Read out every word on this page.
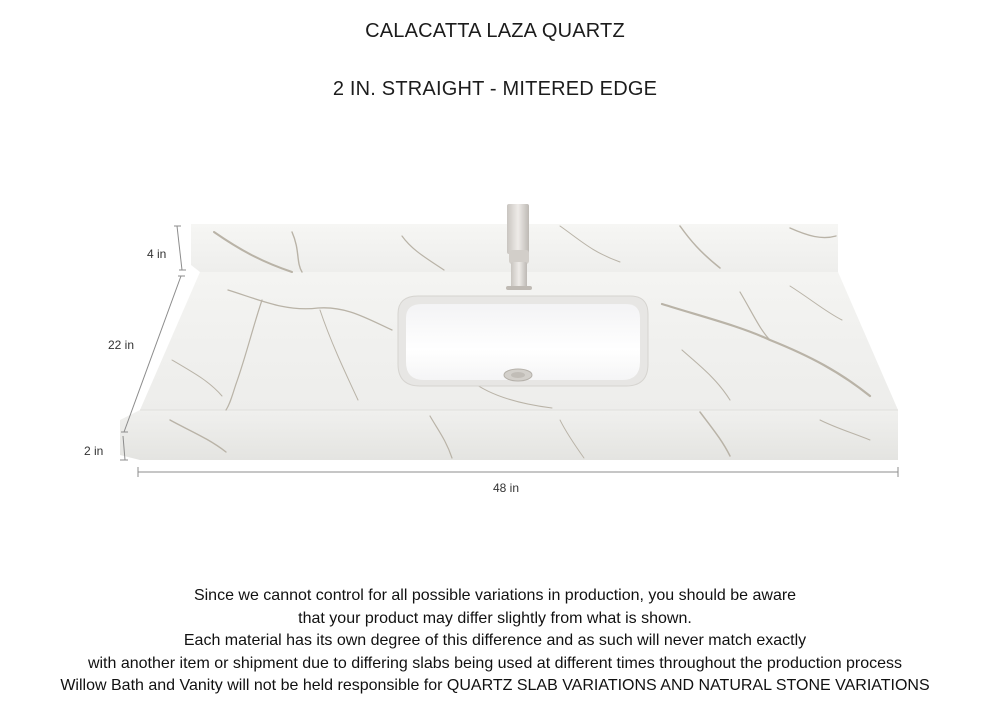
CALACATTA LAZA QUARTZ
2 IN. STRAIGHT - MITERED EDGE
4 in
22 in
2 in
48 in
Since we cannot control for all possible variations in production, you should be aware
that your product may differ slightly from what is shown.
Each material has its own degree of this difference and as such will never match exactly
with another item or shipment due to differing slabs being used at different times throughout the production process
Willow Bath and Vanity will not be held responsible for QUARTZ SLAB VARIATIONS AND NATURAL STONE VARIATIONS
